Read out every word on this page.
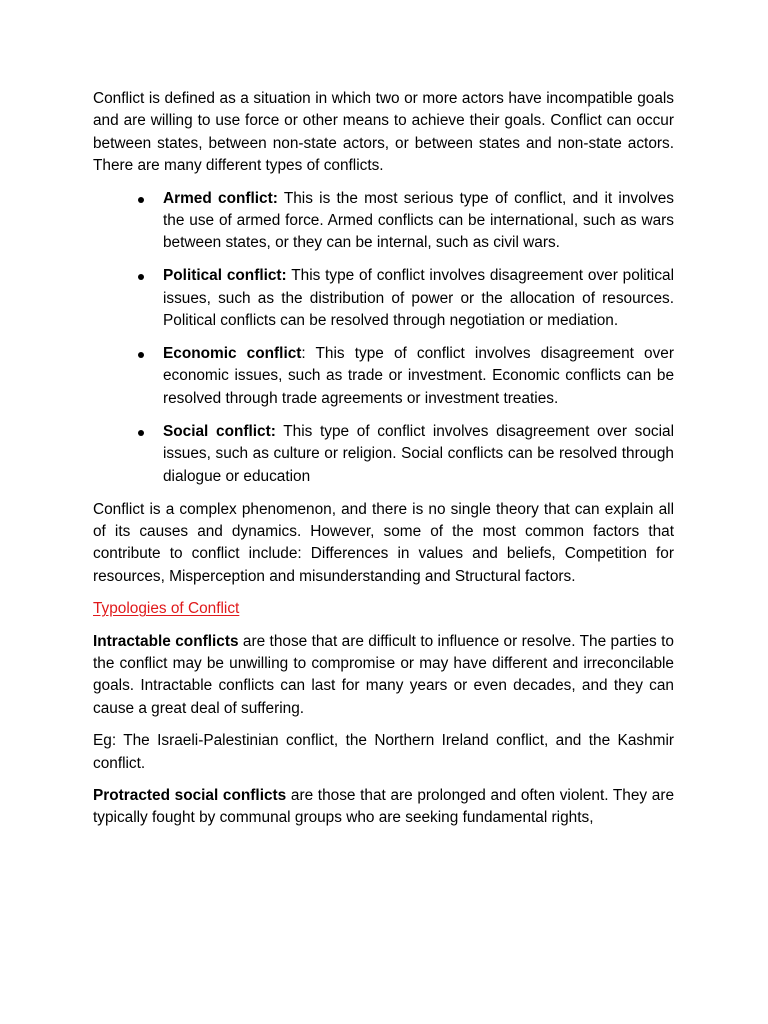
Conflict is defined as a situation in which two or more actors have incompatible goals and are willing to use force or other means to achieve their goals. Conflict can occur between states, between non-state actors, or between states and non-state actors. There are many different types of conflicts.

Armed conflict: This is the most serious type of conflict, and it involves the use of armed force. Armed conflicts can be international, such as wars between states, or they can be internal, such as civil wars.
Political conflict: This type of conflict involves disagreement over political issues, such as the distribution of power or the allocation of resources. Political conflicts can be resolved through negotiation or mediation.
Economic conflict: This type of conflict involves disagreement over economic issues, such as trade or investment. Economic conflicts can be resolved through trade agreements or investment treaties.
Social conflict: This type of conflict involves disagreement over social issues, such as culture or religion. Social conflicts can be resolved through dialogue or education

Conflict is a complex phenomenon, and there is no single theory that can explain all of its causes and dynamics. However, some of the most common factors that contribute to conflict include: Differences in values and beliefs, Competition for resources, Misperception and misunderstanding and Structural factors.

Typologies of Conflict

Intractable conflicts are those that are difficult to influence or resolve. The parties to the conflict may be unwilling to compromise or may have different and irreconcilable goals. Intractable conflicts can last for many years or even decades, and they can cause a great deal of suffering.

Eg: The Israeli-Palestinian conflict, the Northern Ireland conflict, and the Kashmir conflict.

Protracted social conflicts are those that are prolonged and often violent. They are typically fought by communal groups who are seeking fundamental rights,
